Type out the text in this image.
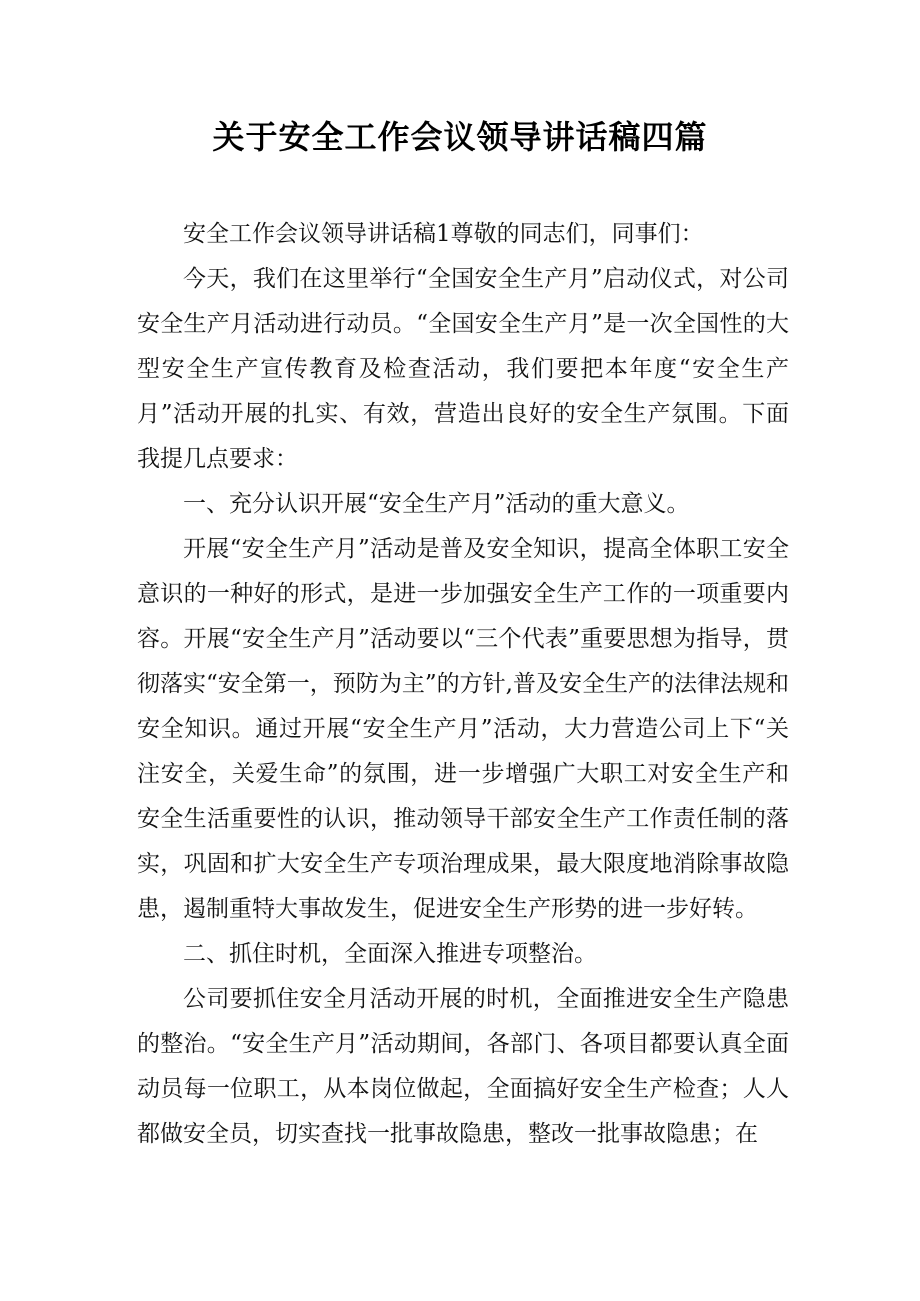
关于安全工作会议领导讲话稿四篇

安全工作会议领导讲话稿1尊敬的同志们，同事们：

今天，我们在这里举行“全国安全生产月”启动仪式，对公司安全生产月活动进行动员。“全国安全生产月”是一次全国性的大型安全生产宣传教育及检查活动，我们要把本年度“安全生产月”活动开展的扎实、有效，营造出良好的安全生产氛围。下面我提几点要求：

一、充分认识开展“安全生产月”活动的重大意义。

开展“安全生产月”活动是普及安全知识，提高全体职工安全意识的一种好的形式，是进一步加强安全生产工作的一项重要内容。开展“安全生产月”活动要以“三个代表”重要思想为指导，贯彻落实“安全第一，预防为主”的方针,普及安全生产的法律法规和安全知识。通过开展“安全生产月”活动，大力营造公司上下“关注安全，关爱生命”的氛围，进一步增强广大职工对安全生产和安全生活重要性的认识，推动领导干部安全生产工作责任制的落实，巩固和扩大安全生产专项治理成果，最大限度地消除事故隐患，遏制重特大事故发生，促进安全生产形势的进一步好转。

二、抓住时机，全面深入推进专项整治。

公司要抓住安全月活动开展的时机，全面推进安全生产隐患的整治。“安全生产月”活动期间，各部门、各项目都要认真全面动员每一位职工，从本岗位做起，全面搞好安全生产检查；人人都做安全员，切实查找一批事故隐患，整改一批事故隐患；在
